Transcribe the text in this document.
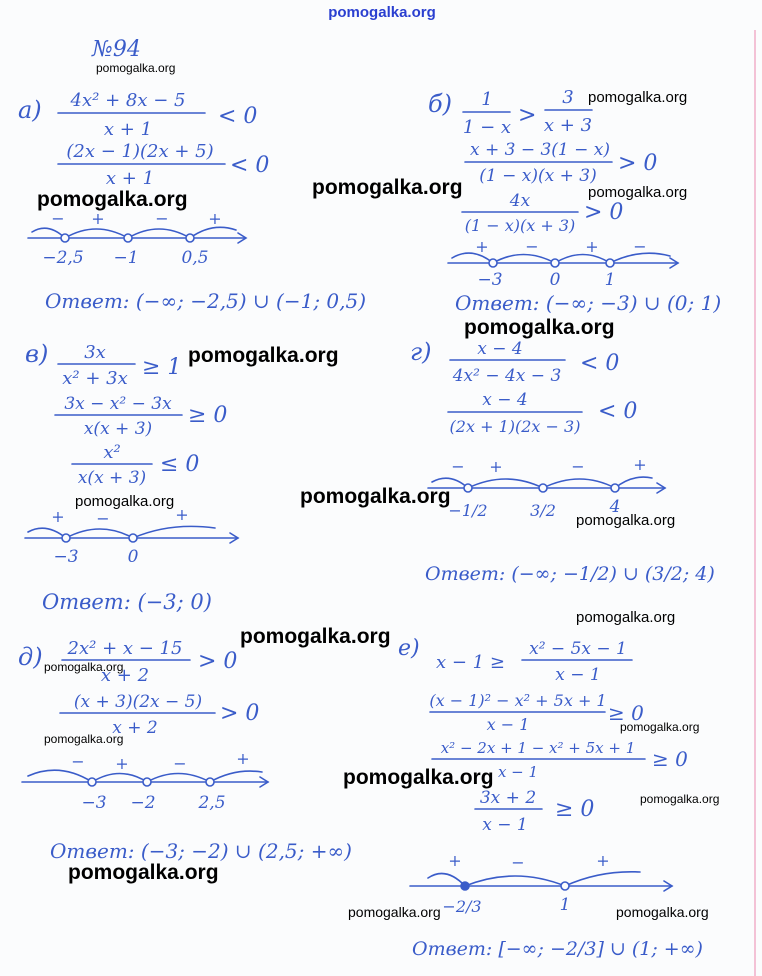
pomogalka.org
№94
а) 4x² + 8x − 5
x + 1
< 0
(2x − 1)(2x + 5)
x + 1
< 0
− +	− +
−2,5 −1	0,5
Ответ: (−∞; −2,5) ∪ (−1; 0,5)
б) 1
1 − x >
3
x + 3
x + 3 − 3(1 − x)
(1 − x)(x + 3) > 0
4x
(1 − x)(x + 3)
> 0
+ −	+ −
−3	0	1
Ответ: (−∞; −3) ∪ (0; 1)
в) 3x
x² + 3x ≥ 1
3x − x² − 3x
x(x + 3)
≥ 0
x²
x(x + 3)
≤ 0
+ −	+
−3	0
Ответ: (−3; 0)
г)	x − 4
4x² − 4x − 3 < 0
x − 4
(2x + 1)(2x − 3)
< 0
− +	−	+
−1/2	3/2	4
Ответ: (−∞; −1/2) ∪ (3/2; 4)
д) 2x² + x − 15
x + 2
> 0
(x + 3)(2x − 5)
x + 2
> 0
− +	−	+
−3 −2	2,5
Ответ: (−3; −2) ∪ (2,5; +∞)
е)
x − 1 ≥
x² − 5x − 1
x − 1
(x − 1)² − x² + 5x + 1
x − 1	≥ 0
x² − 2x + 1 − x² + 5x + 1
x − 1
≥ 0
3x + 2
x − 1
≥ 0
+	−	+
−2/3	1
Ответ: [−∞; −2/3] ∪ (1; +∞)
pomogalka.org
pomogalka.org
pomogalka.org
pomogalka.org	pomogalka.org
pomogalka.org
pomogalka.org
pomogalka.org	pomogalka.org
pomogalka.org
pomogalka.org
pomogalka.org
pomogalka.org
pomogalka.org
pomogalka.org
pomogalka.org
pomogalka.org
pomogalka.org
pomogalka.org	pomogalka.org
